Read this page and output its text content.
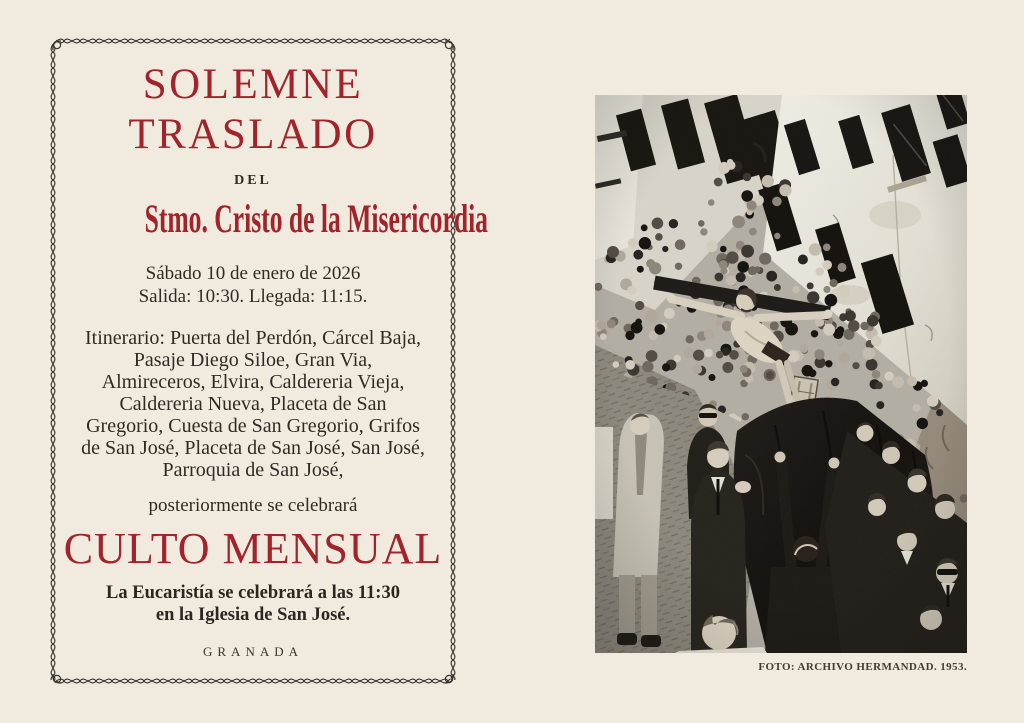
SOLEMNE
TRASLADO
DEL
Stmo. Cristo de la Misericordia
Sábado 10 de enero de 2026
Salida: 10:30. Llegada: 11:15.
Itinerario: Puerta del Perdón, Cárcel Baja, Pasaje Diego Siloe, Gran Via, Almireceros, Elvira, Caldereria Vieja, Caldereria Nueva, Placeta de San Gregorio, Cuesta de San Gregorio, Grifos de San José, Placeta de San José, San José, Parroquia de San José,
posteriormente se celebrará
CULTO MENSUAL
La Eucaristía se celebrará a las 11:30
en la Iglesia de San José.
GRANADA
FOTO: ARCHIVO HERMANDAD. 1953.
